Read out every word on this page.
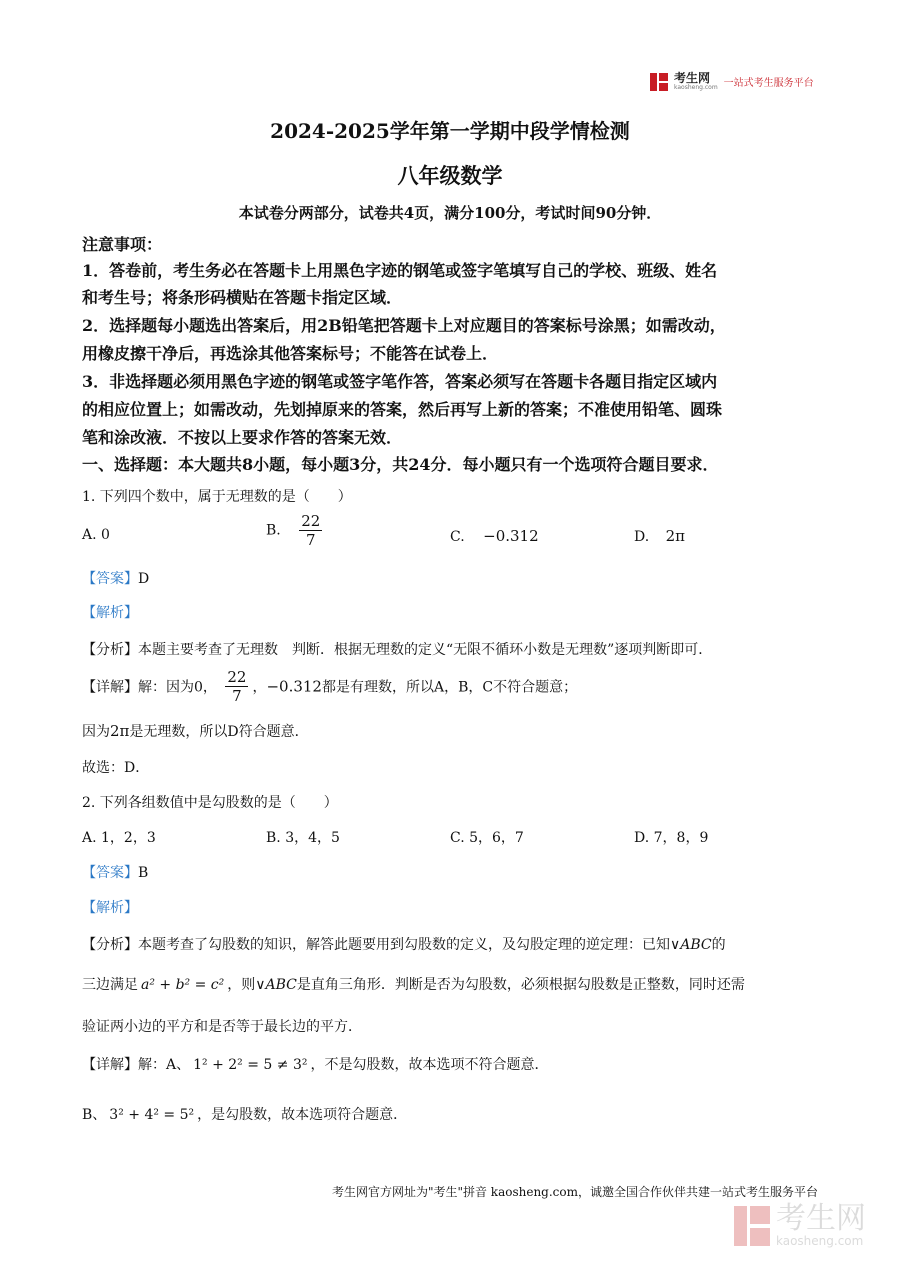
考生网
kaosheng.com 一站式考生服务平台
2024-2025学年第一学期中段学情检测
八年级数学
本试卷分两部分，试卷共4页，满分100分，考试时间90分钟．
注意事项：
1．答卷前，考生务必在答题卡上用黑色字迹的钢笔或签字笔填写自己的学校、班级、姓名
和考生号；将条形码横贴在答题卡指定区域．
2．选择题每小题选出答案后，用2B铅笔把答题卡上对应题目的答案标号涂黑；如需改动，
用橡皮擦干净后，再选涂其他答案标号；不能答在试卷上．
3．非选择题必须用黑色字迹的钢笔或签字笔作答，答案必须写在答题卡各题目指定区域内
的相应位置上；如需改动，先划掉原来的答案，然后再写上新的答案；不准使用铅笔、圆珠
笔和涂改液．不按以上要求作答的答案无效．
一、选择题：本大题共8小题，每小题3分，共24分．每小题只有一个选项符合题目要求．
1. 下列四个数中，属于无理数的是（　　）
A. 0	B. $\frac{22}{7}$	C. −0.312	D. 2π
【答案】D
【解析】
【分析】本题主要考查了无理数　判断．根据无理数的定义“无限不循环小数是无理数”逐项判断即可．
【详解】解：因为0， $\frac{22}{7}$ ，−0.312都是有理数，所以A，B，C不符合题意；
因为2π是无理数，所以D符合题意．
故选：D．
2. 下列各组数值中是勾股数的是（　　）
A. 1，2，3	B. 3，4，5	C. 5，6，7	D. 7，8，9
【答案】B
【解析】
【分析】本题考查了勾股数的知识，解答此题要用到勾股数的定义，及勾股定理的逆定理：已知∨ABC的
三边满足 a² + b² = c² ，则∨ABC是直角三角形．判断是否为勾股数，必须根据勾股数是正整数，同时还需
验证两小边的平方和是否等于最长边的平方．
【详解】解：A、 1² + 2² = 5 ≠ 3² ，不是勾股数，故本选项不符合题意．
B、 3² + 4² = 5² ，是勾股数，故本选项符合题意．
考生网官方网址为"考生"拼音 kaosheng.com，诚邀全国合作伙伴共建一站式考生服务平台
考生网
kaosheng.com
